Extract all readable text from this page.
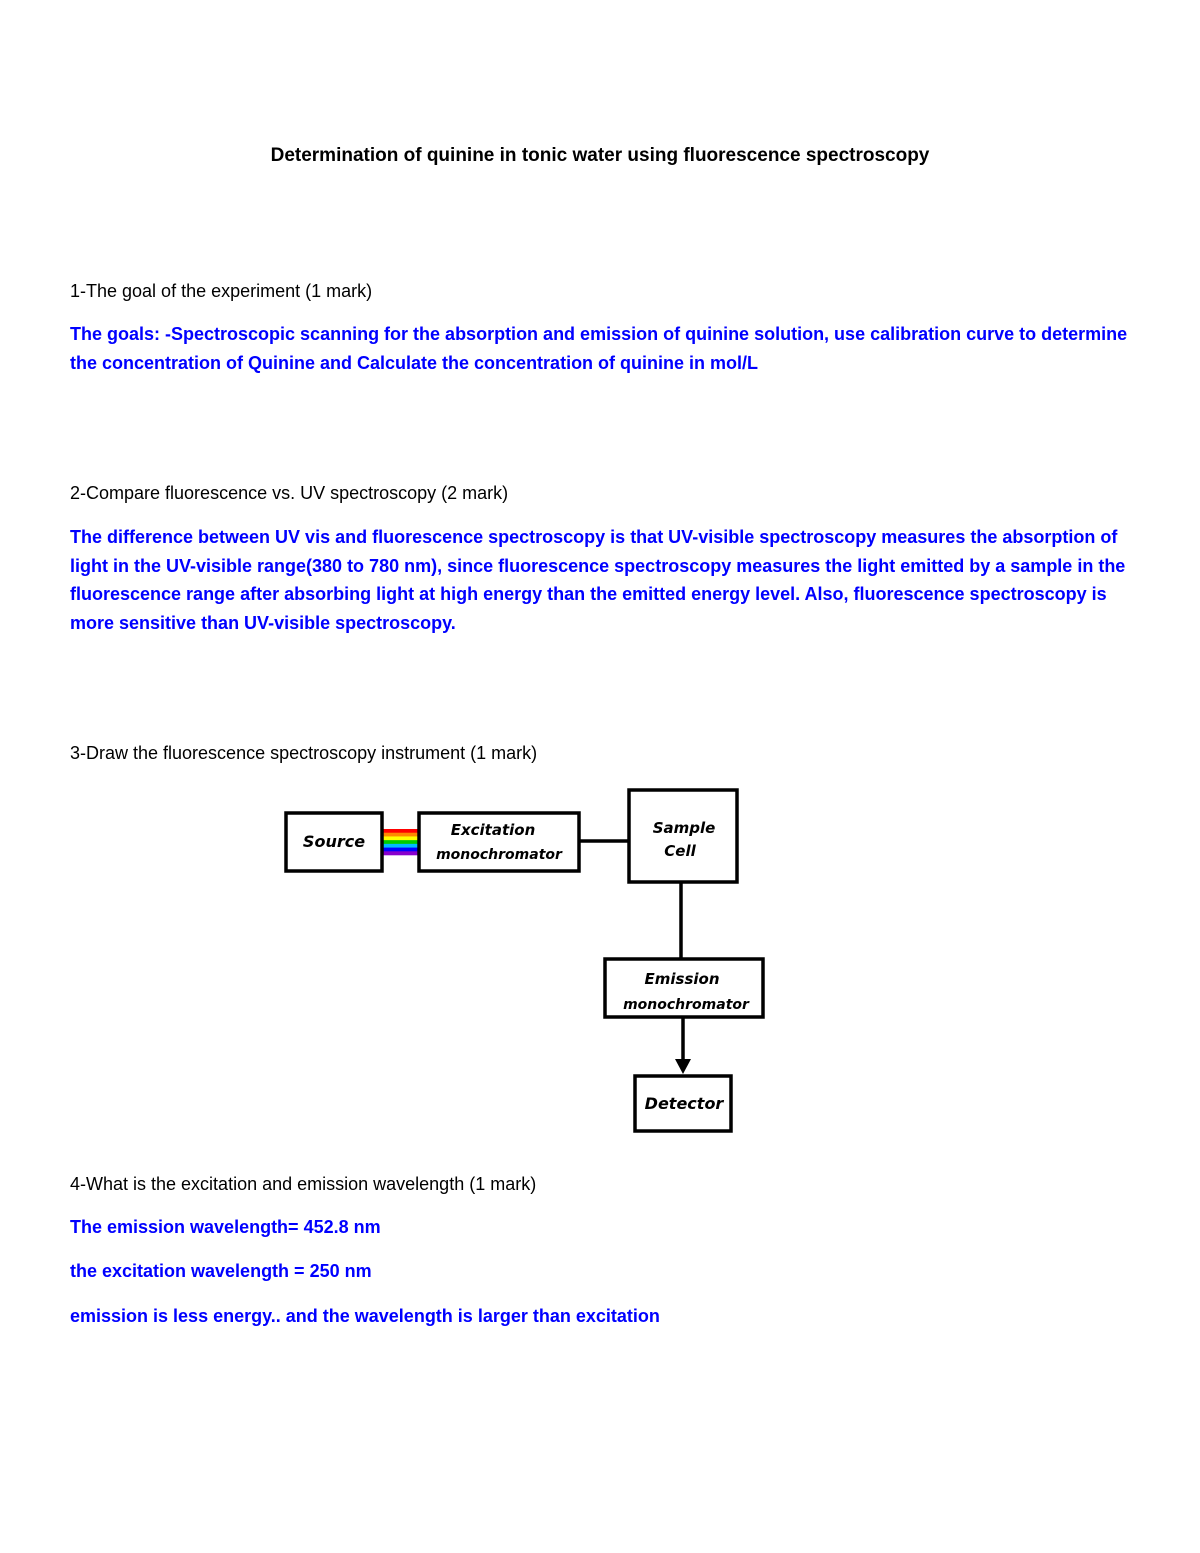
Determination of quinine in tonic water using fluorescence spectroscopy
1-The goal of the experiment (1 mark)
The goals: -Spectroscopic scanning for the absorption and emission of quinine solution, use calibration curve to determine the concentration of Quinine and Calculate the concentration of quinine in mol/L
2-Compare fluorescence vs. UV spectroscopy (2 mark)
The difference between UV vis and fluorescence spectroscopy is that UV-visible spectroscopy measures the absorption of light in the UV-visible range(380 to 780 nm), since fluorescence spectroscopy measures the light emitted by a sample in the fluorescence range after absorbing light at high energy than the emitted energy level. Also, fluorescence spectroscopy is more sensitive than UV-visible spectroscopy.
3-Draw the fluorescence spectroscopy instrument (1 mark)
Source
Excitation
monochromator
Sample
Cell
Emission
monochromator
Detector
4-What is the excitation and emission wavelength (1 mark)
The emission wavelength= 452.8 nm
the excitation wavelength = 250 nm
emission is less energy.. and the wavelength is larger than excitation
